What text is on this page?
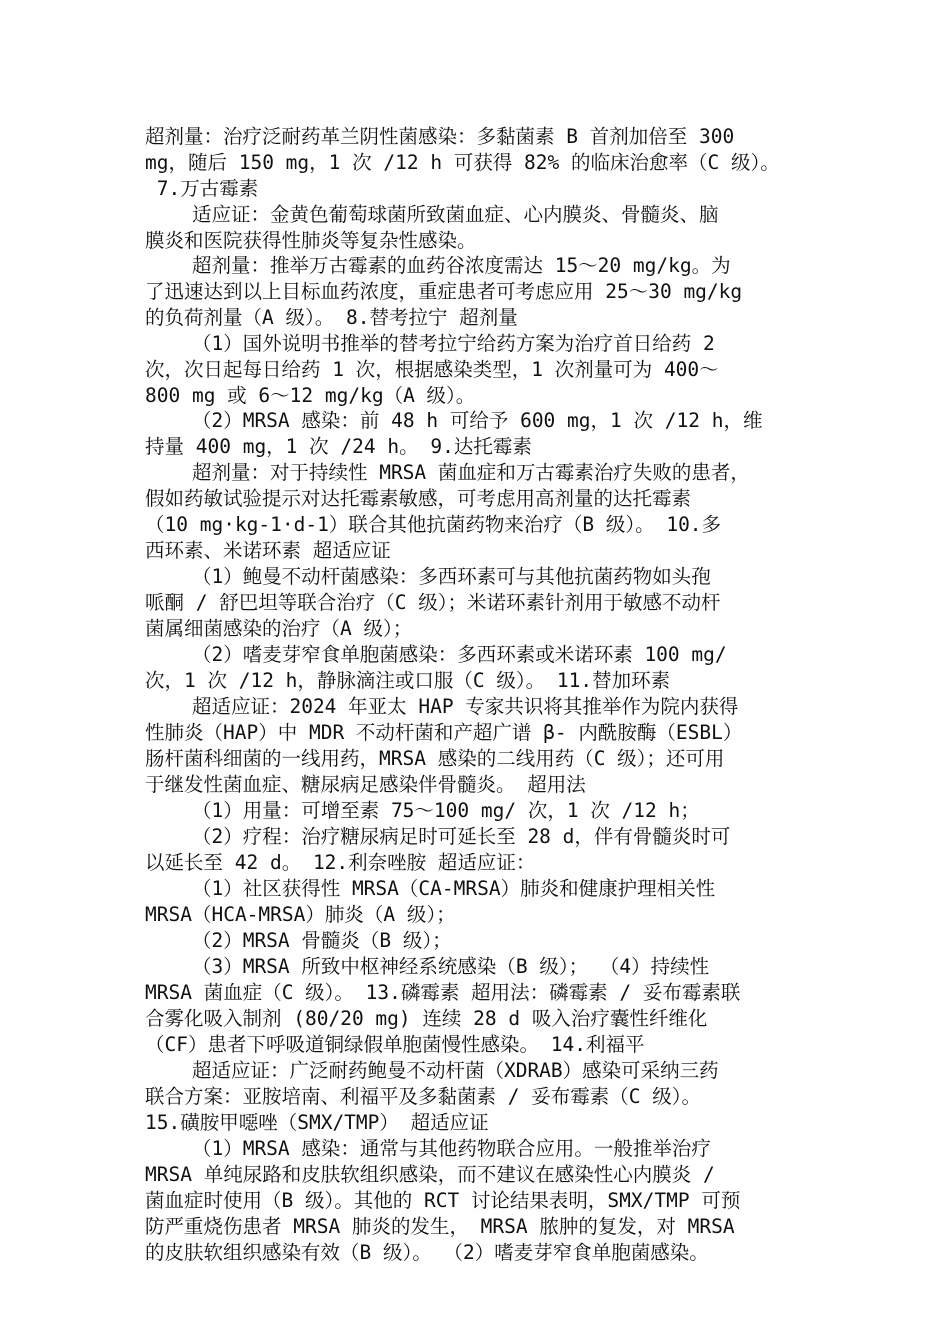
超剂量：治疗泛耐药革兰阴性菌感染：多黏菌素 B 首剂加倍至 300
mg，随后 150 mg，1 次 /12 h 可获得 82% 的临床治愈率（C 级）。
7.万古霉素
适应证：金黄色葡萄球菌所致菌血症、心内膜炎、骨髓炎、脑
膜炎和医院获得性肺炎等复杂性感染。
超剂量：推举万古霉素的血药谷浓度需达 15～20 mg/kg。为
了迅速达到以上目标血药浓度，重症患者可考虑应用 25～30 mg/kg
的负荷剂量（A 级）。 8.替考拉宁 超剂量
（1）国外说明书推举的替考拉宁给药方案为治疗首日给药 2
次，次日起每日给药 1 次，根据感染类型，1 次剂量可为 400～
800 mg 或 6～12 mg/kg（A 级）。
（2）MRSA 感染：前 48 h 可给予 600 mg，1 次 /12 h，维
持量 400 mg，1 次 /24 h。 9.达托霉素
超剂量：对于持续性 MRSA 菌血症和万古霉素治疗失败的患者，
假如药敏试验提示对达托霉素敏感，可考虑用高剂量的达托霉素
（10 mg·kg-1·d-1）联合其他抗菌药物来治疗（B 级）。 10.多
西环素、米诺环素 超适应证
（1）鲍曼不动杆菌感染：多西环素可与其他抗菌药物如头孢
哌酮 / 舒巴坦等联合治疗（C 级）；米诺环素针剂用于敏感不动杆
菌属细菌感染的治疗（A 级）；
（2）嗜麦芽窄食单胞菌感染：多西环素或米诺环素 100 mg/
次，1 次 /12 h，静脉滴注或口服（C 级）。 11.替加环素
超适应证：2024 年亚太 HAP 专家共识将其推举作为院内获得
性肺炎（HAP）中 MDR 不动杆菌和产超广谱 β- 内酰胺酶（ESBL）
肠杆菌科细菌的一线用药，MRSA 感染的二线用药（C 级）；还可用
于继发性菌血症、糖尿病足感染伴骨髓炎。 超用法
（1）用量：可增至素 75～100 mg/ 次，1 次 /12 h；
（2）疗程：治疗糖尿病足时可延长至 28 d，伴有骨髓炎时可
以延长至 42 d。 12.利奈唑胺 超适应证：
（1）社区获得性 MRSA（CA-MRSA）肺炎和健康护理相关性
MRSA（HCA-MRSA）肺炎（A 级）；
（2）MRSA 骨髓炎（B 级）；
（3）MRSA 所致中枢神经系统感染（B 级）； （4）持续性
MRSA 菌血症（C 级）。 13.磷霉素 超用法：磷霉素 / 妥布霉素联
合雾化吸入制剂 (80/20 mg) 连续 28 d 吸入治疗囊性纤维化
（CF）患者下呼吸道铜绿假单胞菌慢性感染。 14.利福平
超适应证：广泛耐药鲍曼不动杆菌（XDRAB）感染可采纳三药
联合方案：亚胺培南、利福平及多黏菌素 / 妥布霉素（C 级）。
15.磺胺甲噁唑（SMX/TMP） 超适应证
（1）MRSA 感染：通常与其他药物联合应用。一般推举治疗
MRSA 单纯尿路和皮肤软组织感染，而不建议在感染性心内膜炎 /
菌血症时使用（B 级）。其他的 RCT 讨论结果表明，SMX/TMP 可预
防严重烧伤患者 MRSA 肺炎的发生， MRSA 脓肿的复发，对 MRSA
的皮肤软组织感染有效（B 级）。 （2）嗜麦芽窄食单胞菌感染。
